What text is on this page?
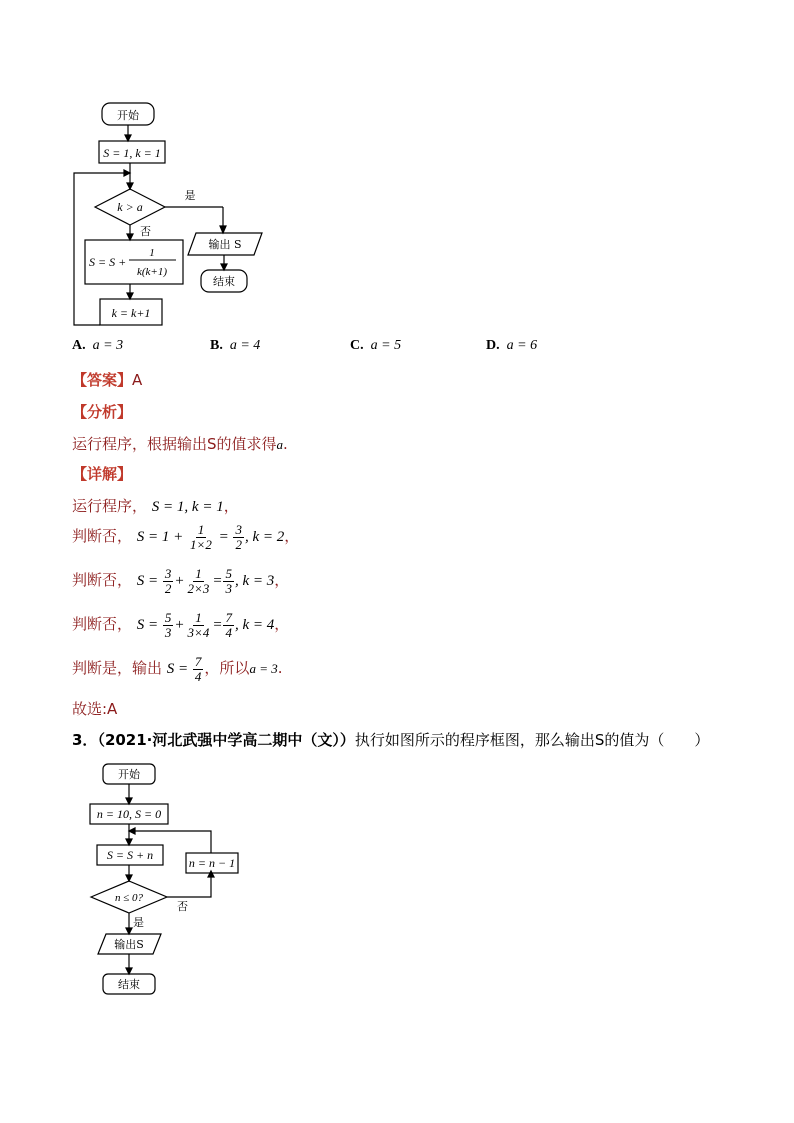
开始
S = 1, k = 1
k > a
是
否
S = S +
1
k(k+1)
输出 S
结束
k = k+1
A. a = 3	B. a = 4	C. a = 5	D. a = 6
【答案】A
【分析】
运行程序，根据输出S的值求得a.
【详解】
运行程序， S = 1, k = 1，
判断否， $S = 1 + \frac{1}{1\times 2} = \frac{3}{2}$ , k = 2，
判断否， $S = \frac{3}{2} + \frac{1}{2\times 3} = \frac{5}{3}$ , k = 3，
判断否， $S = \frac{5}{3} + \frac{1}{3\times 4} = \frac{7}{4}$ , k = 4，
判断是，输出 $S = \frac{7}{4}$ ，所以a = 3.
故选:A
3．（2021·河北武强中学高二期中（文））执行如图所示的程序框图，那么输出S的值为（　　）
开始
n = 10, S = 0
S = S + n
n = n − 1
n ≤ 0?
否
是
输出S
结束
